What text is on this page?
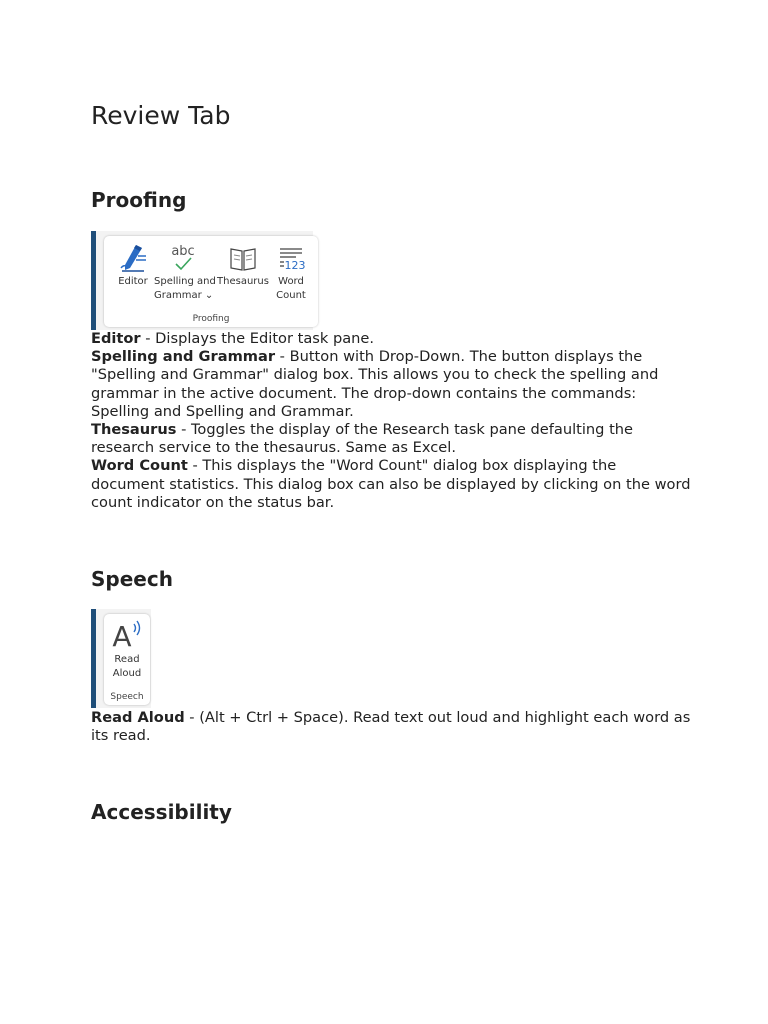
Review Tab
Proofing
Editor
abc
Spelling and
Grammar ⌄
Thesaurus
123
Word
Count
Proofing

Editor - Displays the Editor task pane.

Spelling and Grammar - Button with Drop-Down. The button displays the "Spelling and Grammar" dialog box. This allows you to check the spelling and grammar in the active document. The drop-down contains the commands: Spelling and Spelling and Grammar.

Thesaurus - Toggles the display of the Research task pane defaulting the research service to the thesaurus. Same as Excel.

Word Count - This displays the "Word Count" dialog box displaying the document statistics. This dialog box can also be displayed by clicking on the word count indicator on the status bar.

Speech
A
Read
Aloud
Speech

Read Aloud - (Alt + Ctrl + Space). Read text out loud and highlight each word as its read.

Accessibility
